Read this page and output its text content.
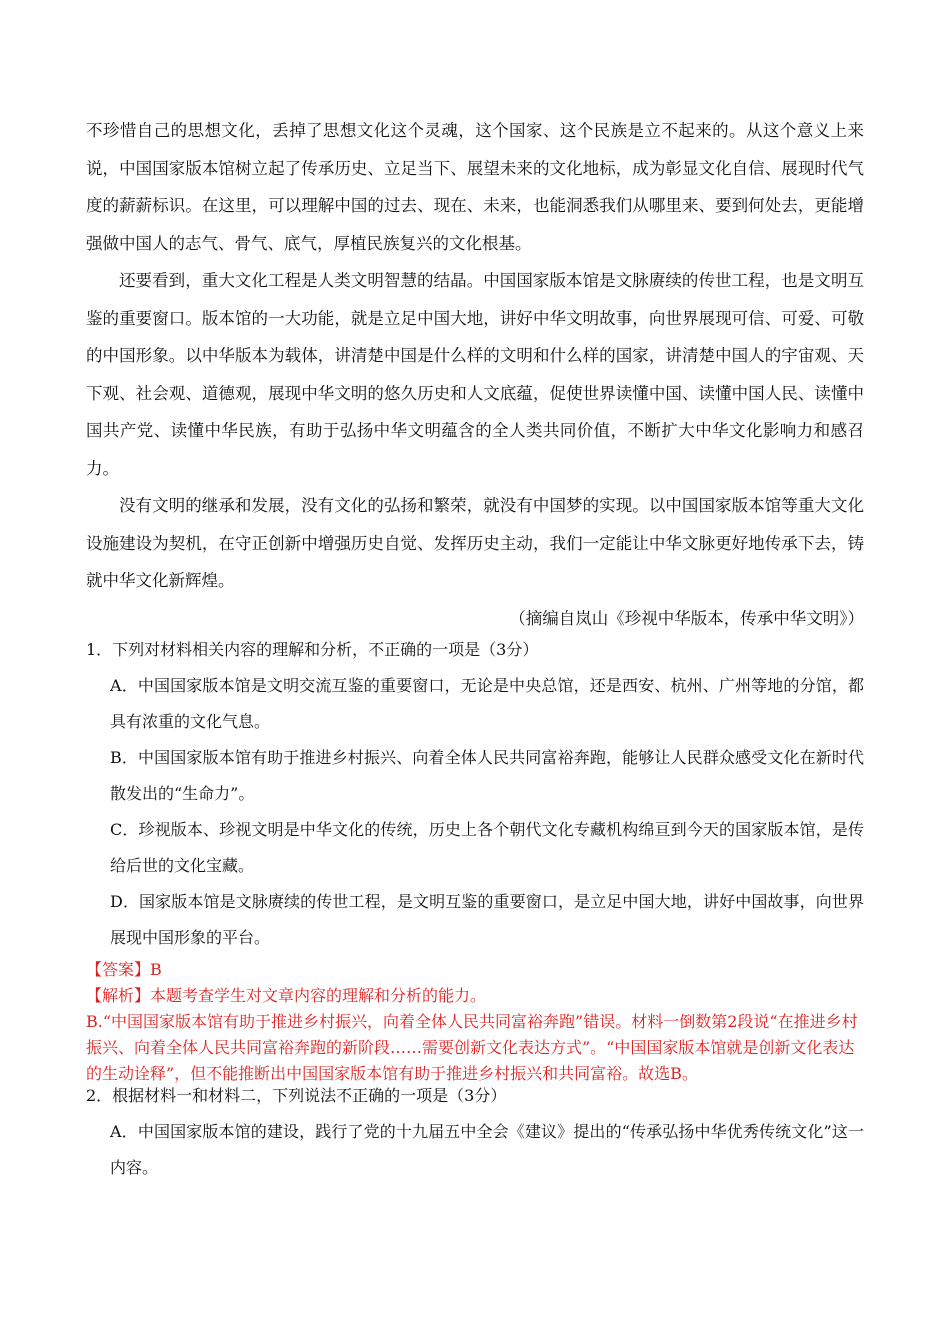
不珍惜自己的思想文化，丢掉了思想文化这个灵魂，这个国家、这个民族是立不起来的。从这个意义上来说，中国国家版本馆树立起了传承历史、立足当下、展望未来的文化地标，成为彰显文化自信、展现时代气度的薪薪标识。在这里，可以理解中国的过去、现在、未来，也能洞悉我们从哪里来、要到何处去，更能增强做中国人的志气、骨气、底气，厚植民族复兴的文化根基。

还要看到，重大文化工程是人类文明智慧的结晶。中国国家版本馆是文脉赓续的传世工程，也是文明互鉴的重要窗口。版本馆的一大功能，就是立足中国大地，讲好中华文明故事，向世界展现可信、可爱、可敬的中国形象。以中华版本为载体，讲清楚中国是什么样的文明和什么样的国家，讲清楚中国人的宇宙观、天下观、社会观、道德观，展现中华文明的悠久历史和人文底蕴，促使世界读懂中国、读懂中国人民、读懂中国共产党、读懂中华民族，有助于弘扬中华文明蕴含的全人类共同价值，不断扩大中华文化影响力和感召力。

没有文明的继承和发展，没有文化的弘扬和繁荣，就没有中国梦的实现。以中国国家版本馆等重大文化设施建设为契机，在守正创新中增强历史自觉、发挥历史主动，我们一定能让中华文脉更好地传承下去，铸就中华文化新辉煌。

（摘编自岚山《珍视中华版本，传承中华文明》）

1．下列对材料相关内容的理解和分析，不正确的一项是（3分）

A．中国国家版本馆是文明交流互鉴的重要窗口，无论是中央总馆，还是西安、杭州、广州等地的分馆，都具有浓重的文化气息。

B．中国国家版本馆有助于推进乡村振兴、向着全体人民共同富裕奔跑，能够让人民群众感受文化在新时代散发出的“生命力”。

C．珍视版本、珍视文明是中华文化的传统，历史上各个朝代文化专藏机构绵亘到今天的国家版本馆，是传给后世的文化宝藏。

D．国家版本馆是文脉赓续的传世工程，是文明互鉴的重要窗口，是立足中国大地，讲好中国故事，向世界展现中国形象的平台。

【答案】B

【解析】本题考查学生对文章内容的理解和分析的能力。

B.“中国国家版本馆有助于推进乡村振兴，向着全体人民共同富裕奔跑”错误。材料一倒数第2段说“在推进乡村振兴、向着全体人民共同富裕奔跑的新阶段……需要创新文化表达方式”。“中国国家版本馆就是创新文化表达的生动诠释”，但不能推断出中国国家版本馆有助于推进乡村振兴和共同富裕。故选B。

2．根据材料一和材料二，下列说法不正确的一项是（3分）

A．中国国家版本馆的建设，践行了党的十九届五中全会《建议》提出的“传承弘扬中华优秀传统文化”这一内容。
